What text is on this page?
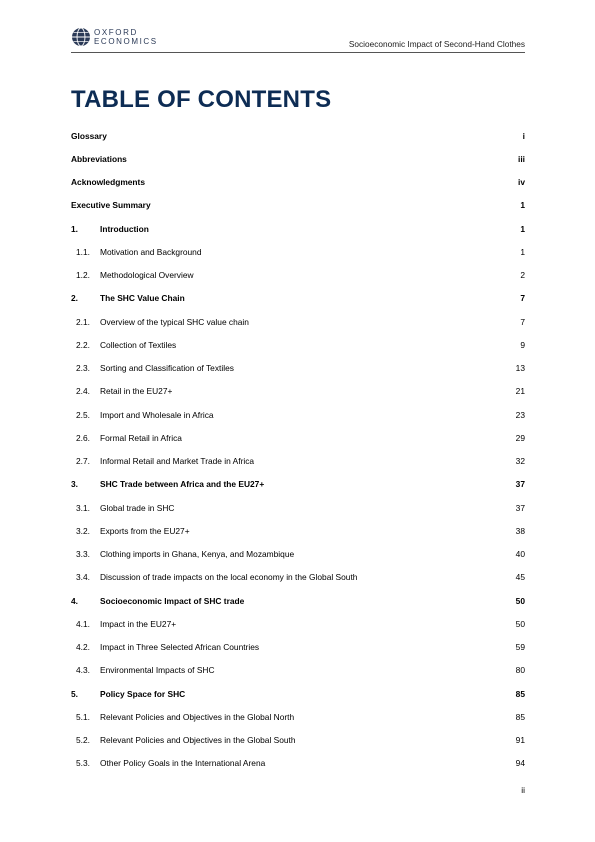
OXFORD
ECONOMICS	Socioeconomic Impact of Second-Hand Clothes
TABLE OF CONTENTS
Glossary	i
Abbreviations	iii
Acknowledgments	iv
Executive Summary	1
1.	Introduction	1
1.1.	Motivation and Background	1
1.2.	Methodological Overview	2
2.	The SHC Value Chain	7
2.1.	Overview of the typical SHC value chain	7
2.2.	Collection of Textiles	9
2.3.	Sorting and Classification of Textiles	13
2.4.	Retail in the EU27+	21
2.5.	Import and Wholesale in Africa	23
2.6.	Formal Retail in Africa	29
2.7.	Informal Retail and Market Trade in Africa	32
3.	SHC Trade between Africa and the EU27+	37
3.1.	Global trade in SHC	37
3.2.	Exports from the EU27+	38
3.3.	Clothing imports in Ghana, Kenya, and Mozambique	40
3.4.	Discussion of trade impacts on the local economy in the Global South	45
4.	Socioeconomic Impact of SHC trade	50
4.1.	Impact in the EU27+	50
4.2.	Impact in Three Selected African Countries	59
4.3.	Environmental Impacts of SHC	80
5.	Policy Space for SHC	85
5.1.	Relevant Policies and Objectives in the Global North	85
5.2.	Relevant Policies and Objectives in the Global South	91
5.3.	Other Policy Goals in the International Arena	94
ii
